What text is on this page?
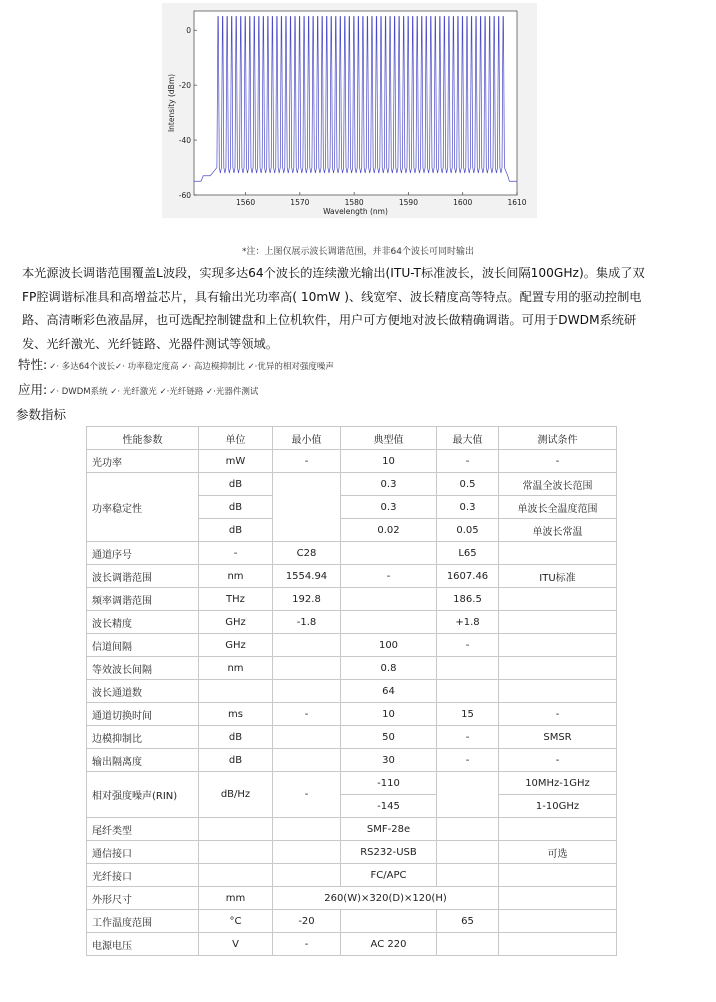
1560	1570	1580	1590	1600	1610
0
-20
-40
-60
Wavelength (nm)
Intensity (dBm)
*注：上图仅展示波长调谐范围，并非64个波长可同时输出

本光源波长调谐范围覆盖L波段，实现多达64个波长的连续激光输出(ITU-T标准波长，波长间隔100GHz)。集成了双

FP腔调谐标准具和高增益芯片，具有输出光功率高( 10mW )、线宽窄、波长精度高等特点。配置专用的驱动控制电

路、高清晰彩色液晶屏，也可选配控制键盘和上位机软件，用户可方便地对波长做精确调谐。可用于DWDM系统研

发、光纤激光、光纤链路、光器件测试等领域。

特性: ✓· 多达64个波长✓· 功率稳定度高 ✓· 高边模抑制比 ✓·优异的相对强度噪声
应用: ✓· DWDM系统 ✓· 光纤激光 ✓·光纤链路 ✓·光器件测试
参数指标
性能参数	单位	最小值	典型值	最大值	测试条件
光功率	mW	-	10	-	-
功率稳定性	dB		0.3	0.5	常温全波长范围
	dB		0.3	0.3	单波长全温度范围
	dB		0.02	0.05	单波长常温
通道序号	-	C28		L65	
波长调谐范围	nm	1554.94	-	1607.46	ITU标准
频率调谐范围	THz	192.8		186.5	
波长精度	GHz	-1.8		+1.8	
信道间隔	GHz		100	-	
等效波长间隔	nm		0.8		
波长通道数			64		
通道切换时间	ms	-	10	15	-
边模抑制比	dB		50	-	SMSR
输出隔离度	dB		30	-	-
相对强度噪声(RIN)	dB/Hz	-	-110		10MHz-1GHz
			-145		1-10GHz
尾纤类型			SMF-28e		
通信接口			RS232-USB		可选
光纤接口			FC/APC		
外形尺寸	mm	260(W)×320(D)×120(H)			
工作温度范围	°C	-20		65	
电源电压	V	-	AC 220		
